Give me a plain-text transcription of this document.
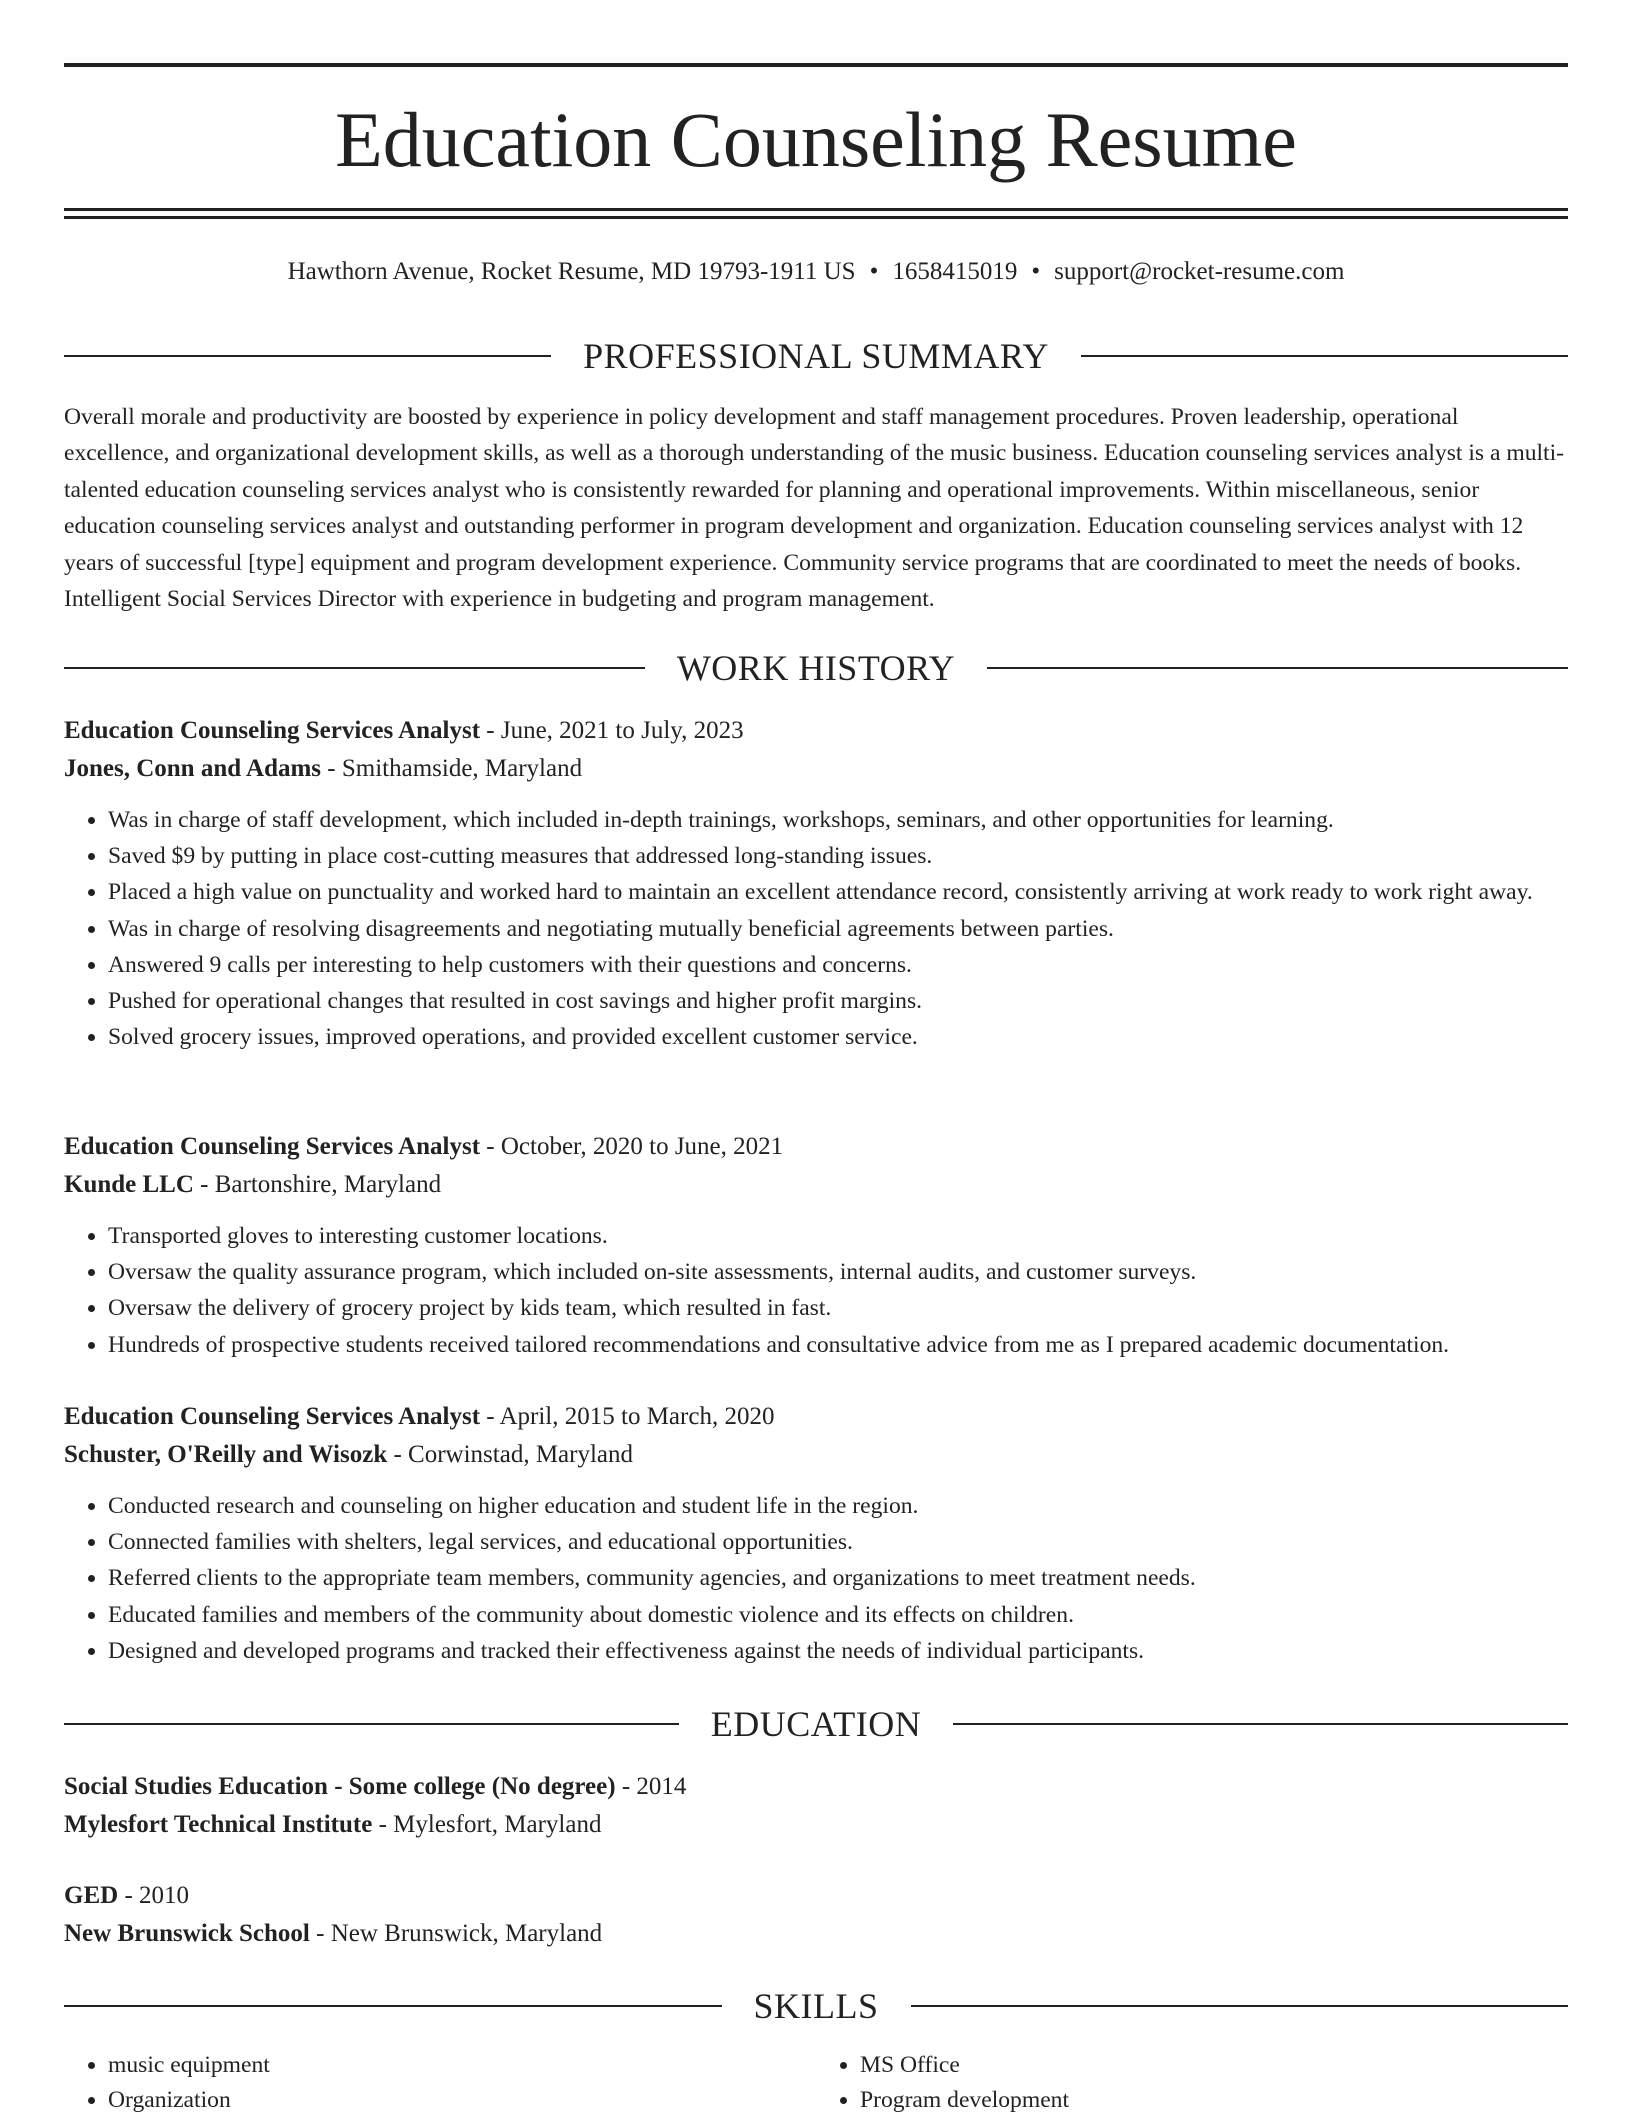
Education Counseling Resume
Hawthorn Avenue, Rocket Resume, MD 19793-1911 US • 1658415019 • support@rocket-resume.com
PROFESSIONAL SUMMARY

Overall morale and productivity are boosted by experience in policy development and staff management procedures. Proven leadership, operational excellence, and organizational development skills, as well as a thorough understanding of the music business. Education counseling services analyst is a multi-talented education counseling services analyst who is consistently rewarded for planning and operational improvements. Within miscellaneous, senior education counseling services analyst and outstanding performer in program development and organization. Education counseling services analyst with 12 years of successful [type] equipment and program development experience. Community service programs that are coordinated to meet the needs of books. Intelligent Social Services Director with experience in budgeting and program management.

WORK HISTORY
Education Counseling Services Analyst - June, 2021 to July, 2023
Jones, Conn and Adams - Smithamside, Maryland
• Was in charge of staff development, which included in-depth trainings, workshops, seminars, and other opportunities for learning.
• Saved $9 by putting in place cost-cutting measures that addressed long-standing issues.
• Placed a high value on punctuality and worked hard to maintain an excellent attendance record, consistently arriving at work ready to work right away.
• Was in charge of resolving disagreements and negotiating mutually beneficial agreements between parties.
• Answered 9 calls per interesting to help customers with their questions and concerns.
• Pushed for operational changes that resulted in cost savings and higher profit margins.
• Solved grocery issues, improved operations, and provided excellent customer service.
Education Counseling Services Analyst - October, 2020 to June, 2021
Kunde LLC - Bartonshire, Maryland
• Transported gloves to interesting customer locations.
• Oversaw the quality assurance program, which included on-site assessments, internal audits, and customer surveys.
• Oversaw the delivery of grocery project by kids team, which resulted in fast.
• Hundreds of prospective students received tailored recommendations and consultative advice from me as I prepared academic documentation.
Education Counseling Services Analyst - April, 2015 to March, 2020
Schuster, O'Reilly and Wisozk - Corwinstad, Maryland
• Conducted research and counseling on higher education and student life in the region.
• Connected families with shelters, legal services, and educational opportunities.
• Referred clients to the appropriate team members, community agencies, and organizations to meet treatment needs.
• Educated families and members of the community about domestic violence and its effects on children.
• Designed and developed programs and tracked their effectiveness against the needs of individual participants.
EDUCATION
Social Studies Education - Some college (No degree) - 2014
Mylesfort Technical Institute - Mylesfort, Maryland
GED - 2010
New Brunswick School - New Brunswick, Maryland
SKILLS
• music equipment
• Organization
• MS Office
• Program development
